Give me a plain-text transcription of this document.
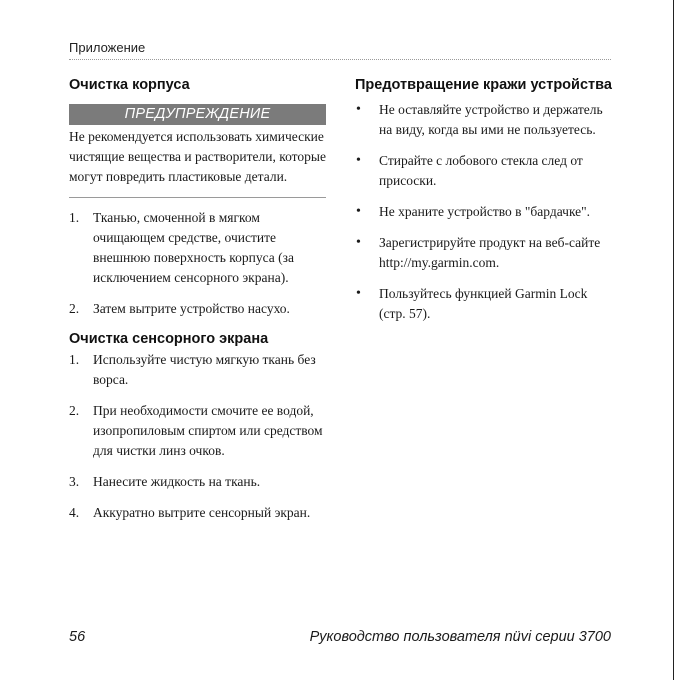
Приложение
Очистка корпуса
ПРЕДУПРЕЖДЕНИЕ

Не рекомендуется использовать химические чистящие вещества и растворители, которые могут повредить пластиковые детали.

1. Тканью, смоченной в мягком очищающем средстве, очистите внешнюю поверхность корпуса (за исключением сенсорного экрана).
2. Затем вытрите устройство насухо.
Очистка сенсорного экрана
1. Используйте чистую мягкую ткань без ворса.
2. При необходимости смочите ее водой, изопропиловым спиртом или средством для чистки линз очков.
3. Нанесите жидкость на ткань.
4. Аккуратно вытрите сенсорный экран.
Предотвращение кражи устройства
• Не оставляйте устройство и держатель на виду, когда вы ими не пользуетесь.
• Стирайте с лобового стекла след от присоски.
• Не храните устройство в "бардачке".
• Зарегистрируйте продукт на веб-сайте http://my.garmin.com.
• Пользуйтесь функцией Garmin Lock (стр. 57).
56	Руководство пользователя nüvi серии 3700
